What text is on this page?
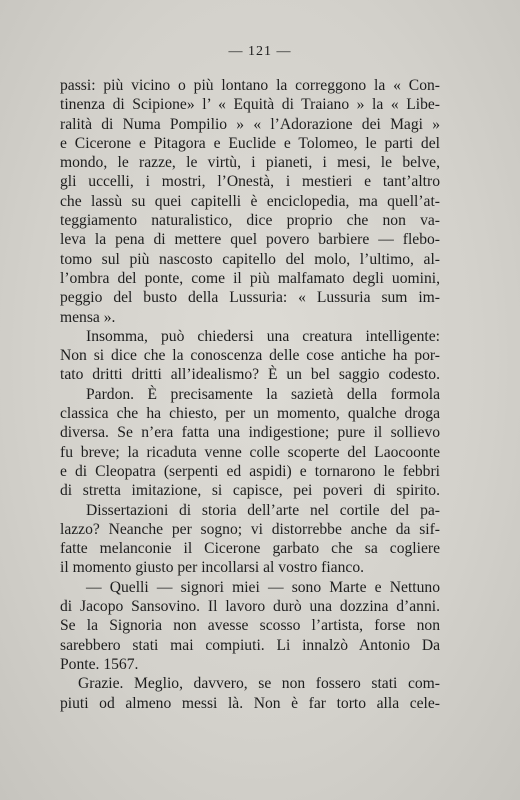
— 121 —
passi: più vicino o più lontano la correggono la « Con-
tinenza di Scipione» l’ « Equità di Traiano » la « Libe-
ralità di Numa Pompilio » « l’Adorazione dei Magi »
e Cicerone e Pitagora e Euclide e Tolomeo, le parti del
mondo, le razze, le virtù, i pianeti, i mesi, le belve,
gli uccelli, i mostri, l’Onestà, i mestieri e tant’altro
che lassù su quei capitelli è enciclopedia, ma quell’at-
teggiamento naturalistico, dice proprio che non va-
leva la pena di mettere quel povero barbiere — flebo-
tomo sul più nascosto capitello del molo, l’ultimo, al-
l’ombra del ponte, come il più malfamato degli uomini,
peggio del busto della Lussuria: « Lussuria sum im-
mensa ».
Insomma, può chiedersi una creatura intelligente:
Non si dice che la conoscenza delle cose antiche ha por-
tato dritti dritti all’idealismo? È un bel saggio codesto.
Pardon. È precisamente la sazietà della formola
classica che ha chiesto, per un momento, qualche droga
diversa. Se n’era fatta una indigestione; pure il sollievo
fu breve; la ricaduta venne colle scoperte del Laocoonte
e di Cleopatra (serpenti ed aspidi) e tornarono le febbri
di stretta imitazione, si capisce, pei poveri di spirito.
Dissertazioni di storia dell’arte nel cortile del pa-
lazzo? Neanche per sogno; vi distorrebbe anche da sif-
fatte melanconie il Cicerone garbato che sa cogliere
il momento giusto per incollarsi al vostro fianco.
— Quelli — signori miei — sono Marte e Nettuno
di Jacopo Sansovino. Il lavoro durò una dozzina d’anni.
Se la Signoria non avesse scosso l’artista, forse non
sarebbero stati mai compiuti. Li innalzò Antonio Da
Ponte. 1567.
Grazie. Meglio, davvero, se non fossero stati com-
piuti od almeno messi là. Non è far torto alla cele-
